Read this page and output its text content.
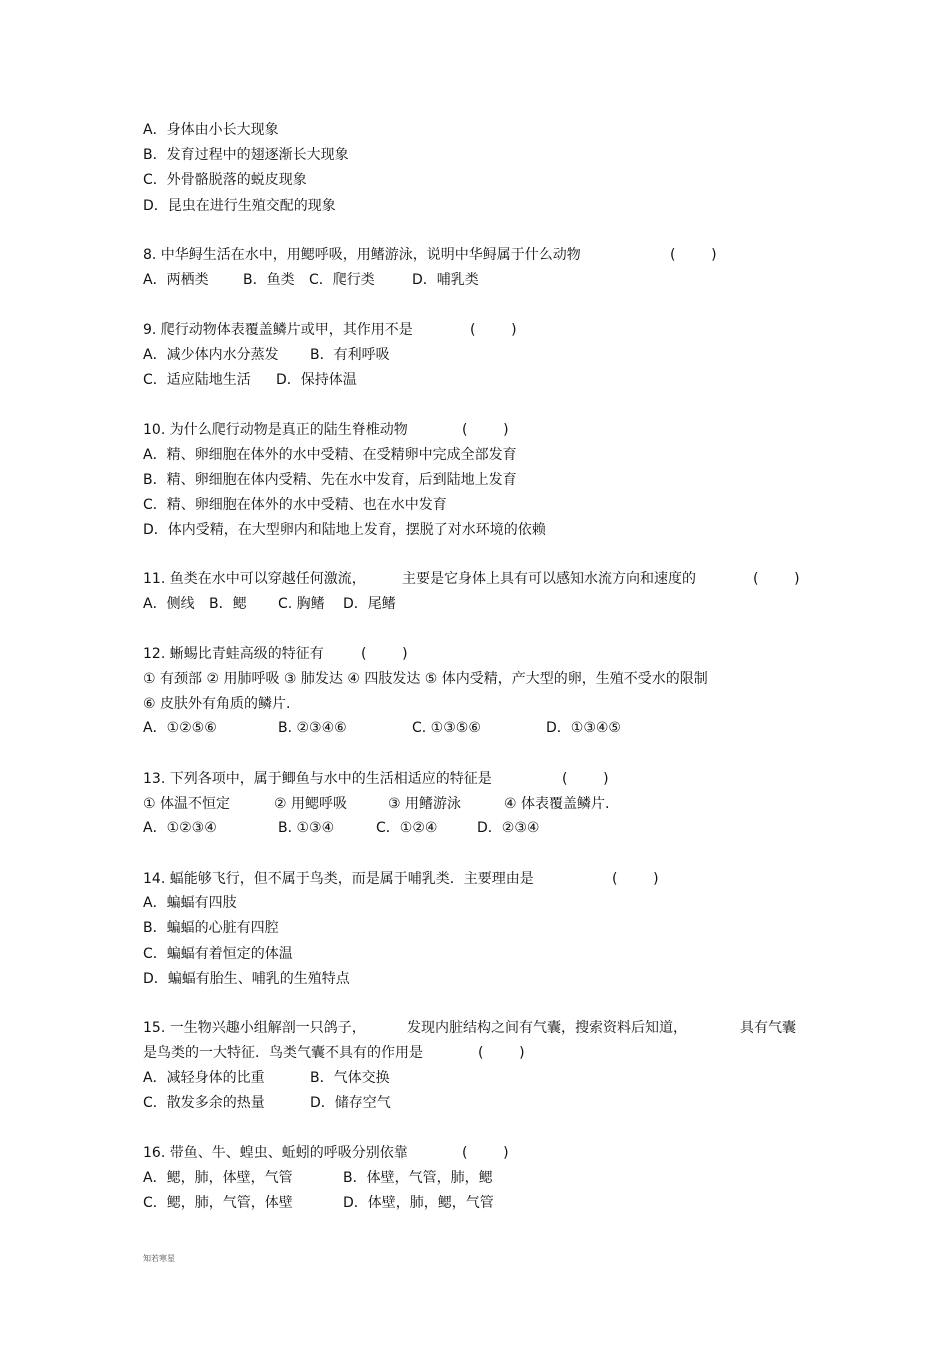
A．身体由小长大现象
B．发育过程中的翅逐渐长大现象
C．外骨骼脱落的蜕皮现象
D．昆虫在进行生殖交配的现象
8. 中华鲟生活在水中，用鳃呼吸，用鳍游泳，说明中华鲟属于什么动物	(        )
A．两栖类 B．鱼类 C．爬行类	D．哺乳类
9. 爬行动物体表覆盖鳞片或甲，其作用不是	(        )
A．减少体内水分蒸发 B．有利呼吸
C．适应陆地生活 D．保持体温
10. 为什么爬行动物是真正的陆生脊椎动物	(        )
A．精、卵细胞在体外的水中受精、在受精卵中完成全部发育
B．精、卵细胞在体内受精、先在水中发育，后到陆地上发育
C．精、卵细胞在体外的水中受精、也在水中发育
D．体内受精，在大型卵内和陆地上发育，摆脱了对水环境的依赖
11. 鱼类在水中可以穿越任何激流，	主要是它身体上具有可以感知水流方向和速度的	(        )
A．侧线 B．鳃 C. 胸鳍 D．尾鳍
12. 蜥蜴比青蛙高级的特征有	(        )
① 有颈部 ② 用肺呼吸 ③ 肺发达 ④ 四肢发达 ⑤ 体内受精，产大型的卵，生殖不受水的限制
⑥ 皮肤外有角质的鳞片.
A．①②⑤⑥	B. ②③④⑥	C. ①③⑤⑥	D．①③④⑤
13. 下列各项中，属于鲫鱼与水中的生活相适应的特征是	(        )
① 体温不恒定	② 用鳃呼吸	③ 用鳍游泳	④ 体表覆盖鳞片.
A．①②③④	B. ①③④	C．①②④	D．②③④
14. 蝠能够飞行，但不属于鸟类，而是属于哺乳类．主要理由是	(        )
A．蝙蝠有四肢
B．蝙蝠的心脏有四腔
C．蝙蝠有着恒定的体温
D．蝙蝠有胎生、哺乳的生殖特点
15. 一生物兴趣小组解剖一只鸽子，	发现内脏结构之间有气囊，搜索资料后知道，	具有气囊
是鸟类的一大特征．鸟类气囊不具有的作用是	(        )
A．减轻身体的比重	B．气体交换
C．散发多余的热量	D．储存空气
16. 带鱼、牛、蝗虫、蚯蚓的呼吸分别依靠	(        )
A．鳃，肺，体壁，气管	B．体壁，气管，肺，鳃
C．鳃，肺，气管，体壁	D．体壁，肺，鳃，气管
知若寒星
